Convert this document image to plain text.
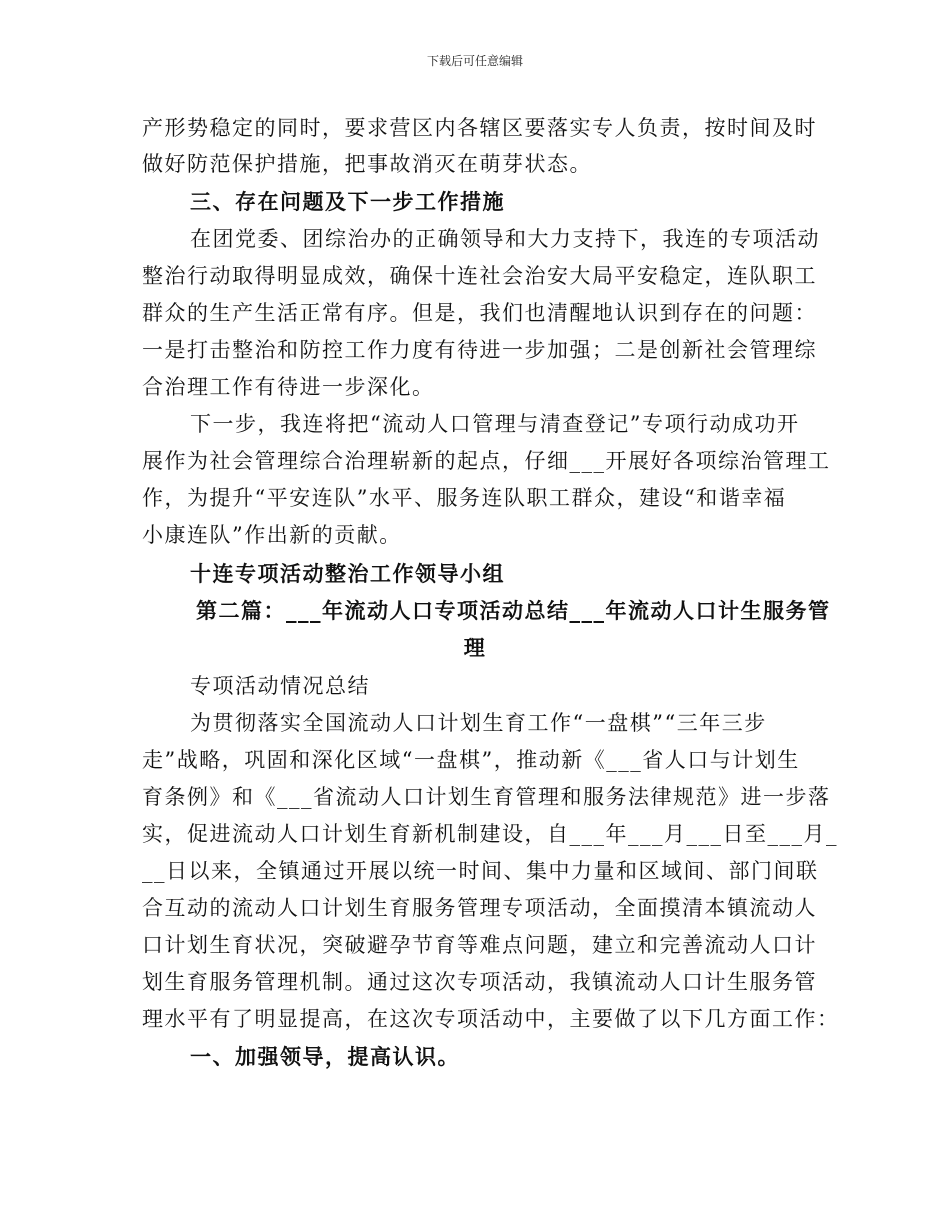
下载后可任意编辑
产形势稳定的同时，要求营区内各辖区要落实专人负责，按时间及时
做好防范保护措施，把事故消灭在萌芽状态。
三、存在问题及下一步工作措施
在团党委、团综治办的正确领导和大力支持下，我连的专项活动
整治行动取得明显成效，确保十连社会治安大局平安稳定，连队职工
群众的生产生活正常有序。但是，我们也清醒地认识到存在的问题：
一是打击整治和防控工作力度有待进一步加强；二是创新社会管理综
合治理工作有待进一步深化。
下一步，我连将把“流动人口管理与清查登记”专项行动成功开
展作为社会管理综合治理崭新的起点，仔细___开展好各项综治管理工
作，为提升“平安连队”水平、服务连队职工群众，建设“和谐幸福
小康连队”作出新的贡献。
十连专项活动整治工作领导小组
第二篇：___年流动人口专项活动总结___年流动人口计生服务管
理
专项活动情况总结
为贯彻落实全国流动人口计划生育工作“一盘棋”“三年三步
走”战略，巩固和深化区域“一盘棋”，推动新《___省人口与计划生
育条例》和《___省流动人口计划生育管理和服务法律规范》进一步落
实，促进流动人口计划生育新机制建设，自___年___月___日至___月_
__日以来，全镇通过开展以统一时间、集中力量和区域间、部门间联
合互动的流动人口计划生育服务管理专项活动，全面摸清本镇流动人
口计划生育状况，突破避孕节育等难点问题，建立和完善流动人口计
划生育服务管理机制。通过这次专项活动，我镇流动人口计生服务管
理水平有了明显提高，在这次专项活动中，主要做了以下几方面工作：
一、加强领导，提高认识。
